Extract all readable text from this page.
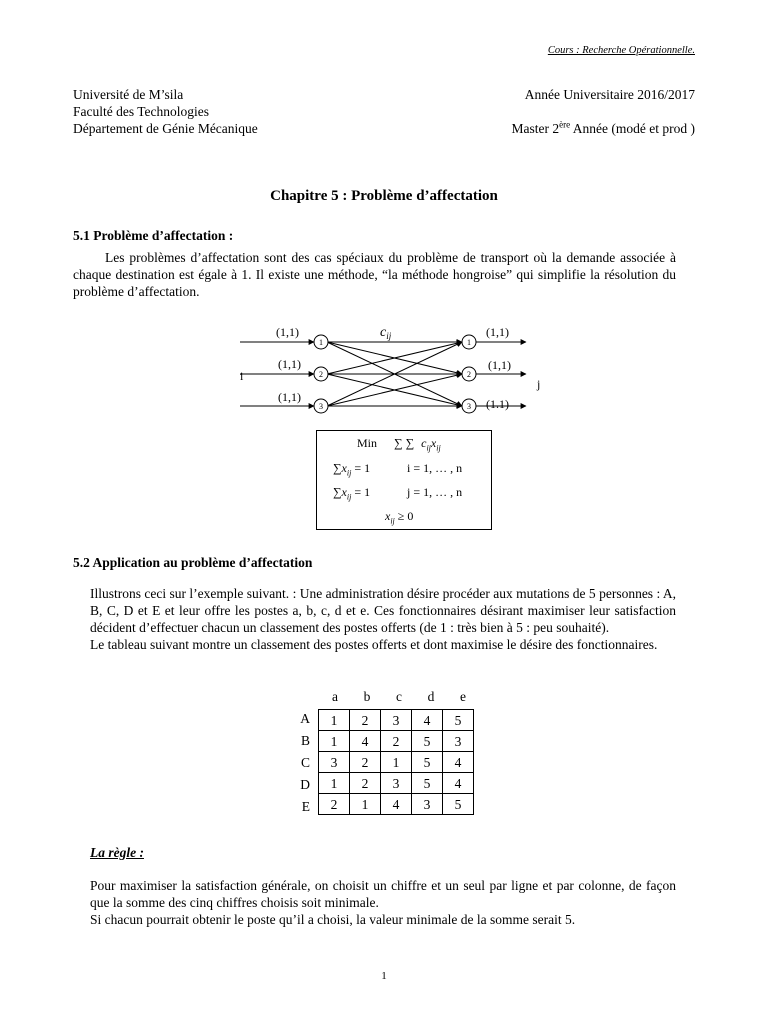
Cours : Recherche Opérationnelle.
Université de M’sila
Faculté des Technologies
Département de Génie Mécanique
Année Universitaire 2016/2017
Master 2ère Année (modé et prod )
Chapitre 5 : Problème d’affectation
5.1 Problème d’affectation :
Les problèmes d’affectation sont des cas spéciaux du problème de transport où la demande associée à chaque destination est égale à 1. Il existe une méthode, “la méthode hongroise” qui simplifie la résolution du problème d’affectation.
1
2
3
1
2
3
(1,1)
(1,1)
(1,1)
(1,1)
(1,1)
(1.1)
i
j
$c_{ij}$
Min ∑ ∑ $c_{ij}x_{ij}$
$\sum x_{ij} = 1$	i = 1, … , n
$\sum x_{ij} = 1$	j = 1, … , n
$x_{ij} \ge 0$
5.2 Application au problème d’affectation

Illustrons ceci sur l’exemple suivant. : Une administration désire procéder aux mutations de 5 personnes : A, B, C, D et E et leur offre les postes a, b, c, d et e. Ces fonctionnaires désirant maximiser leur satisfaction décident d’effectuer chacun un classement des postes offerts (de 1 : très bien à 5 : peu souhaité).

Le tableau suivant montre un classement des postes offerts et dont maximise le désire des fonctionnaires.

a b c d e
A
B
C
D
E
1	2	3	4	5
1	4	2	5	3
3	2	1	5	4
1	2	3	5	4
2	1	4	3	5
La règle :

Pour maximiser la satisfaction générale, on choisit un chiffre et un seul par ligne et par colonne, de façon que la somme des cinq chiffres choisis soit minimale.

Si chacun pourrait obtenir le poste qu’il a choisi, la valeur minimale de la somme serait 5.

1
